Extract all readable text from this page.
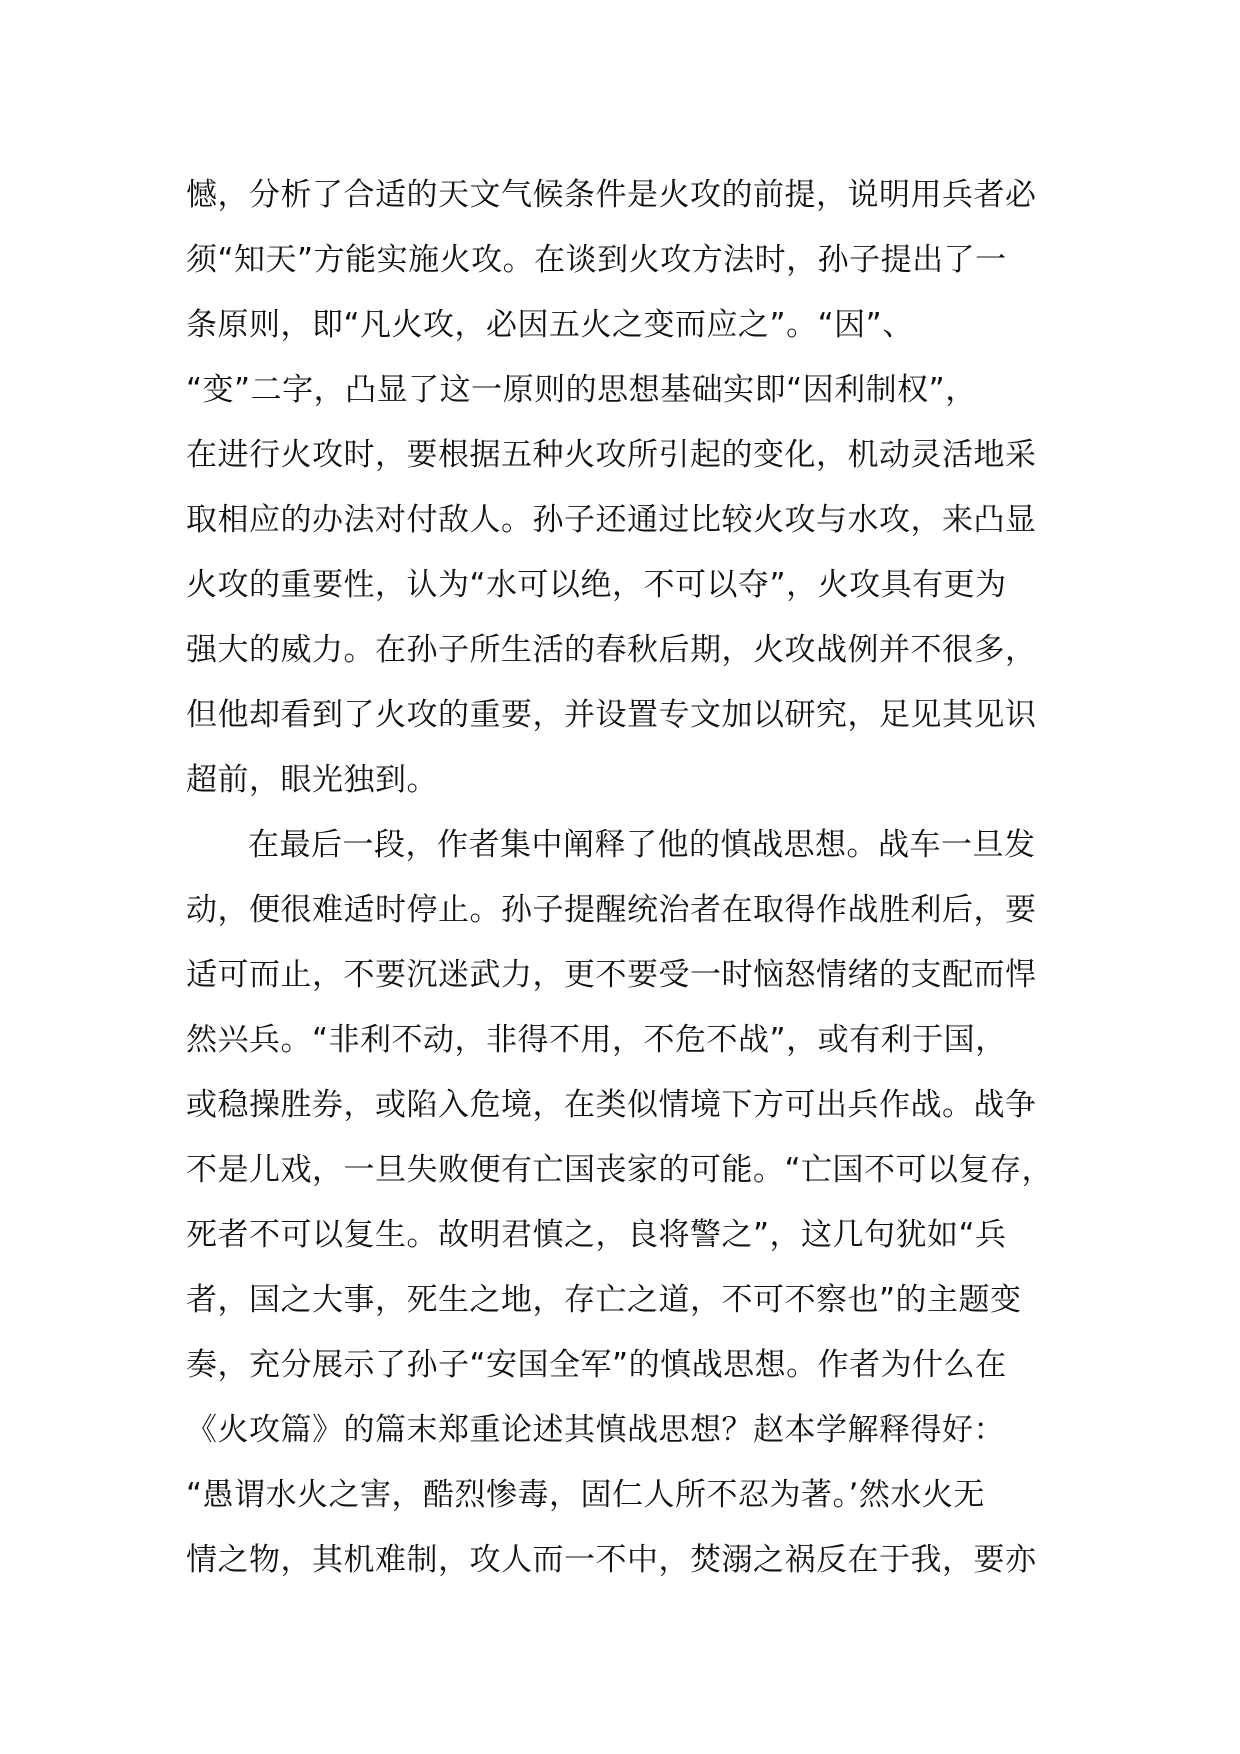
憾，分析了合适的天文气候条件是火攻的前提，说明用兵者必
须“知天”方能实施火攻。在谈到火攻方法时，孙子提出了一
条原则，即“凡火攻，必因五火之变而应之”。“因”、
“变”二字，凸显了这一原则的思想基础实即“因利制权”，
在进行火攻时，要根据五种火攻所引起的变化，机动灵活地采
取相应的办法对付敌人。孙子还通过比较火攻与水攻，来凸显
火攻的重要性，认为“水可以绝，不可以夺”，火攻具有更为
强大的威力。在孙子所生活的春秋后期，火攻战例并不很多，
但他却看到了火攻的重要，并设置专文加以研究，足见其见识
超前，眼光独到。
在最后一段，作者集中阐释了他的慎战思想。战车一旦发
动，便很难适时停止。孙子提醒统治者在取得作战胜利后，要
适可而止，不要沉迷武力，更不要受一时恼怒情绪的支配而悍
然兴兵。“非利不动，非得不用，不危不战”，或有利于国，
或稳操胜券，或陷入危境，在类似情境下方可出兵作战。战争
不是儿戏，一旦失败便有亡国丧家的可能。“亡国不可以复存，
死者不可以复生。故明君慎之，良将警之”，这几句犹如“兵
者，国之大事，死生之地，存亡之道，不可不察也”的主题变
奏，充分展示了孙子“安国全军”的慎战思想。作者为什么在
《火攻篇》的篇末郑重论述其慎战思想？赵本学解释得好：
“愚谓水火之害，酷烈惨毒，固仁人所不忍为著。’然水火无
情之物，其机难制，攻人而一不中，焚溺之祸反在于我，要亦
